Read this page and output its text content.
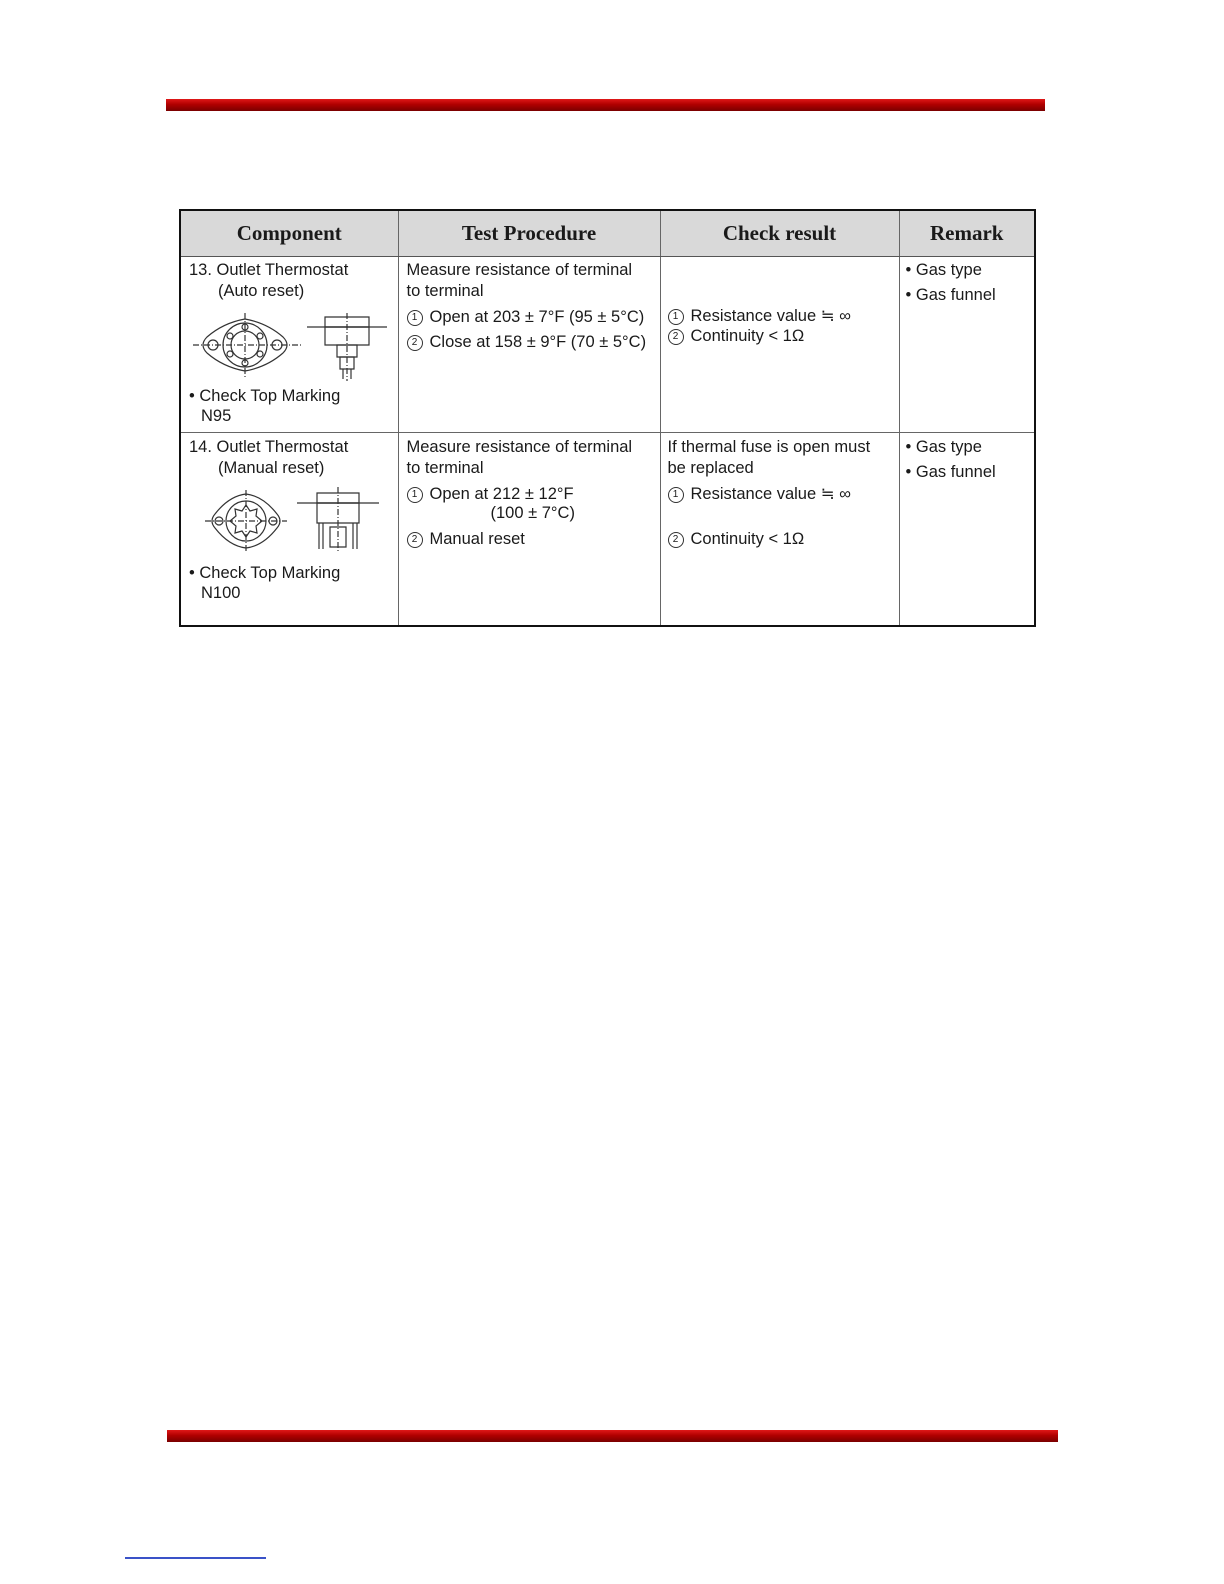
Component	Test Procedure	Check result	Remark

13. Outlet Thermostat
(Auto reset)
• Check Top Marking
N95	Measure resistance of terminal
to terminal
1 Open at 203 ± 7°F (95 ± 5°C)
2 Close at 158 ± 9°F (70 ± 5°C)	1 Resistance value ≒ ∞
2 Continuity < 1Ω	• Gas type
• Gas funnel

14. Outlet Thermostat
(Manual reset)
• Check Top Marking
N100	Measure resistance of terminal
to terminal
1 Open at 212 ± 12°F
(100 ± 7°C)
2 Manual reset	If thermal fuse is open must
be replaced
1 Resistance value ≒ ∞
2 Continuity < 1Ω	• Gas type
• Gas funnel
